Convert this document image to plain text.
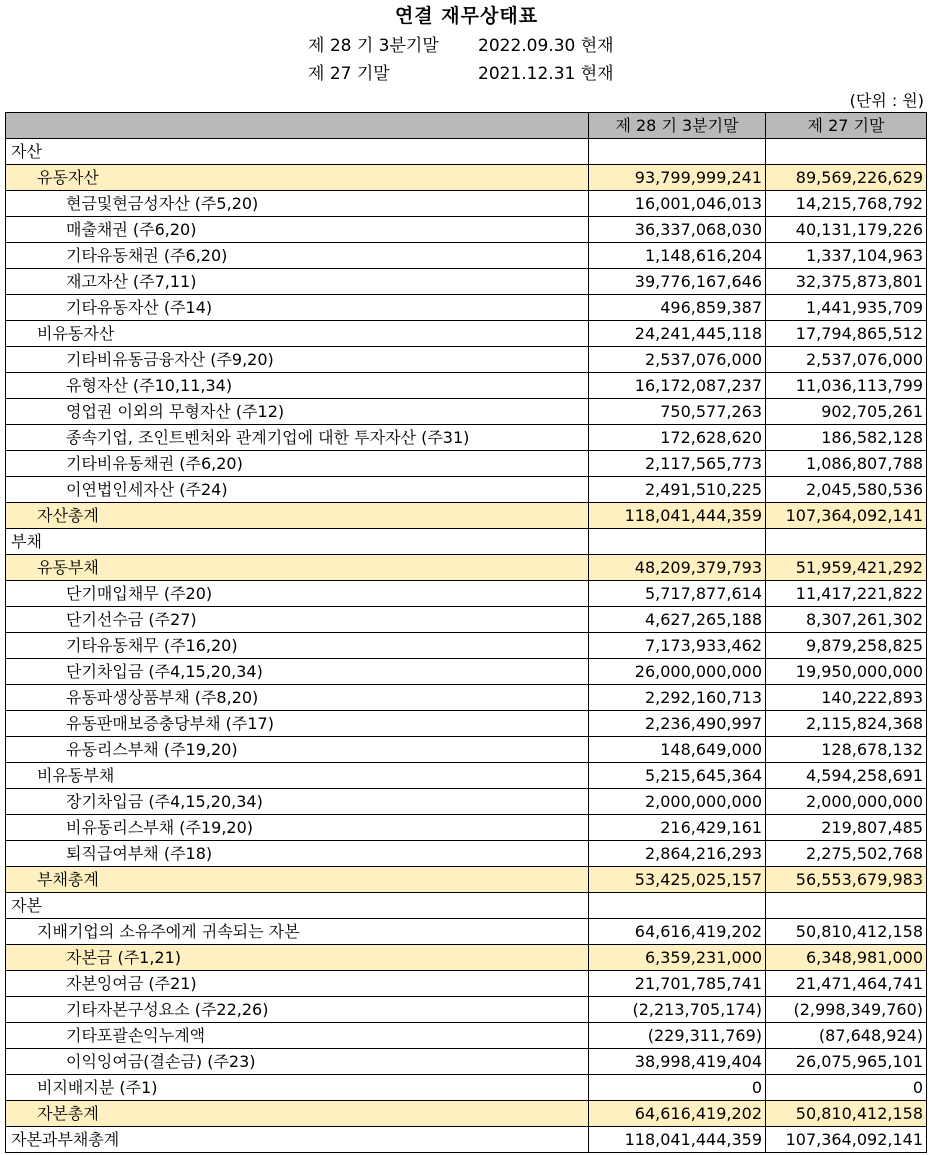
연결 재무상태표
제 28 기 3분기말 2022.09.30 현재
제 27 기말	2021.12.31 현재
(단위 : 원)
	제 28 기 3분기말	제 27 기말
자산		
유동자산	93,799,999,241	89,569,226,629
현금및현금성자산 (주5,20)	16,001,046,013	14,215,768,792
매출채권 (주6,20)	36,337,068,030	40,131,179,226
기타유동채권 (주6,20)	1,148,616,204	1,337,104,963
재고자산 (주7,11)	39,776,167,646	32,375,873,801
기타유동자산 (주14)	496,859,387	1,441,935,709
비유동자산	24,241,445,118	17,794,865,512
기타비유동금융자산 (주9,20)	2,537,076,000	2,537,076,000
유형자산 (주10,11,34)	16,172,087,237	11,036,113,799
영업권 이외의 무형자산 (주12)	750,577,263	902,705,261
종속기업, 조인트벤처와 관계기업에 대한 투자자산 (주31)	172,628,620	186,582,128
기타비유동채권 (주6,20)	2,117,565,773	1,086,807,788
이연법인세자산 (주24)	2,491,510,225	2,045,580,536
자산총계	118,041,444,359	107,364,092,141
부채		
유동부채	48,209,379,793	51,959,421,292
단기매입채무 (주20)	5,717,877,614	11,417,221,822
단기선수금 (주27)	4,627,265,188	8,307,261,302
기타유동채무 (주16,20)	7,173,933,462	9,879,258,825
단기차입금 (주4,15,20,34)	26,000,000,000	19,950,000,000
유동파생상품부채 (주8,20)	2,292,160,713	140,222,893
유동판매보증충당부채 (주17)	2,236,490,997	2,115,824,368
유동리스부채 (주19,20)	148,649,000	128,678,132
비유동부채	5,215,645,364	4,594,258,691
장기차입금 (주4,15,20,34)	2,000,000,000	2,000,000,000
비유동리스부채 (주19,20)	216,429,161	219,807,485
퇴직급여부채 (주18)	2,864,216,293	2,275,502,768
부채총계	53,425,025,157	56,553,679,983
자본		
지배기업의 소유주에게 귀속되는 자본	64,616,419,202	50,810,412,158
자본금 (주1,21)	6,359,231,000	6,348,981,000
자본잉여금 (주21)	21,701,785,741	21,471,464,741
기타자본구성요소 (주22,26)	(2,213,705,174)	(2,998,349,760)
기타포괄손익누계액	(229,311,769)	(87,648,924)
이익잉여금(결손금) (주23)	38,998,419,404	26,075,965,101
비지배지분 (주1)	0	0
자본총계	64,616,419,202	50,810,412,158
자본과부채총계	118,041,444,359	107,364,092,141
